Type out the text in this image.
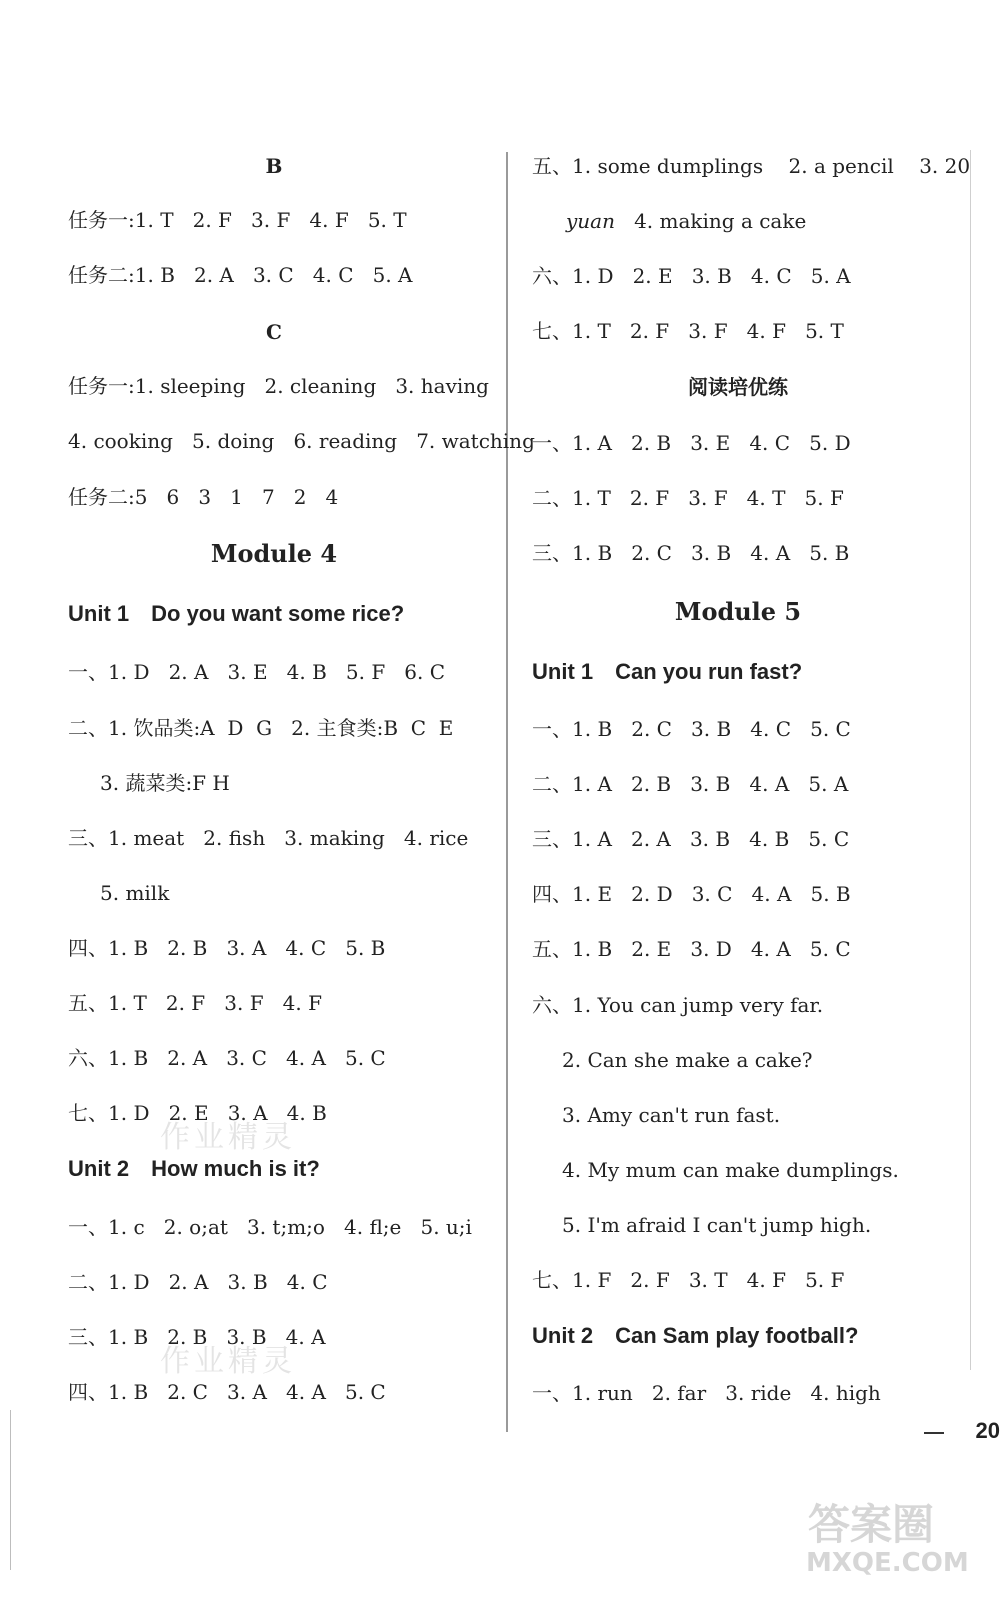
B
任务一:1. T 2. F 3. F 4. F 5. T
任务二:1. B 2. A 3. C 4. C 5. A
C
任务一:1. sleeping 2. cleaning 3. having
4. cooking 5. doing 6. reading 7. watching
任务二:5   6   3   1   7   2   4
Module 4
Unit 1 Do you want some rice?
一、1. D 2. A 3. E 4. B 5. F 6. C
二、1. 饮品类:A  D  G 2. 主食类:B  C  E
3. 蔬菜类:F H
三、1. meat 2. fish 3. making 4. rice
5. milk
四、1. B 2. B 3. A 4. C 5. B
五、1. T 2. F 3. F 4. F
六、1. B 2. A 3. C 4. A 5. C
七、1. D 2. E 3. A 4. B
作业精灵
Unit 2 How much is it?
一、1. c 2. o;at 3. t;m;o 4. fl;e 5. u;i
二、1. D 2. A 3. B 4. C
三、1. B 2. B 3. B 4. A
作业精灵
四、1. B 2. C 3. A 4. A 5. C
五、1. some dumplings 2. a pencil 3. 20
yuan 4. making a cake
六、1. D 2. E 3. B 4. C 5. A
七、1. T 2. F 3. F 4. F 5. T
阅读培优练
一、1. A 2. B 3. E 4. C 5. D
二、1. T 2. F 3. F 4. T 5. F
三、1. B 2. C 3. B 4. A 5. B
Module 5
Unit 1 Can you run fast?
一、1. B 2. C 3. B 4. C 5. C
二、1. A 2. B 3. B 4. A 5. A
三、1. A 2. A 3. B 4. B 5. C
四、1. E 2. D 3. C 4. A 5. B
五、1. B 2. E 3. D 4. A 5. C
六、1. You can jump very far.
2. Can she make a cake?
3. Amy can't run fast.
4. My mum can make dumplings.
5. I'm afraid I can't jump high.
七、1. F 2. F 3. T 4. F 5. F
Unit 2 Can Sam play football?
一、1. run 2. far 3. ride 4. high
20
答案圈
MXQE.COM
